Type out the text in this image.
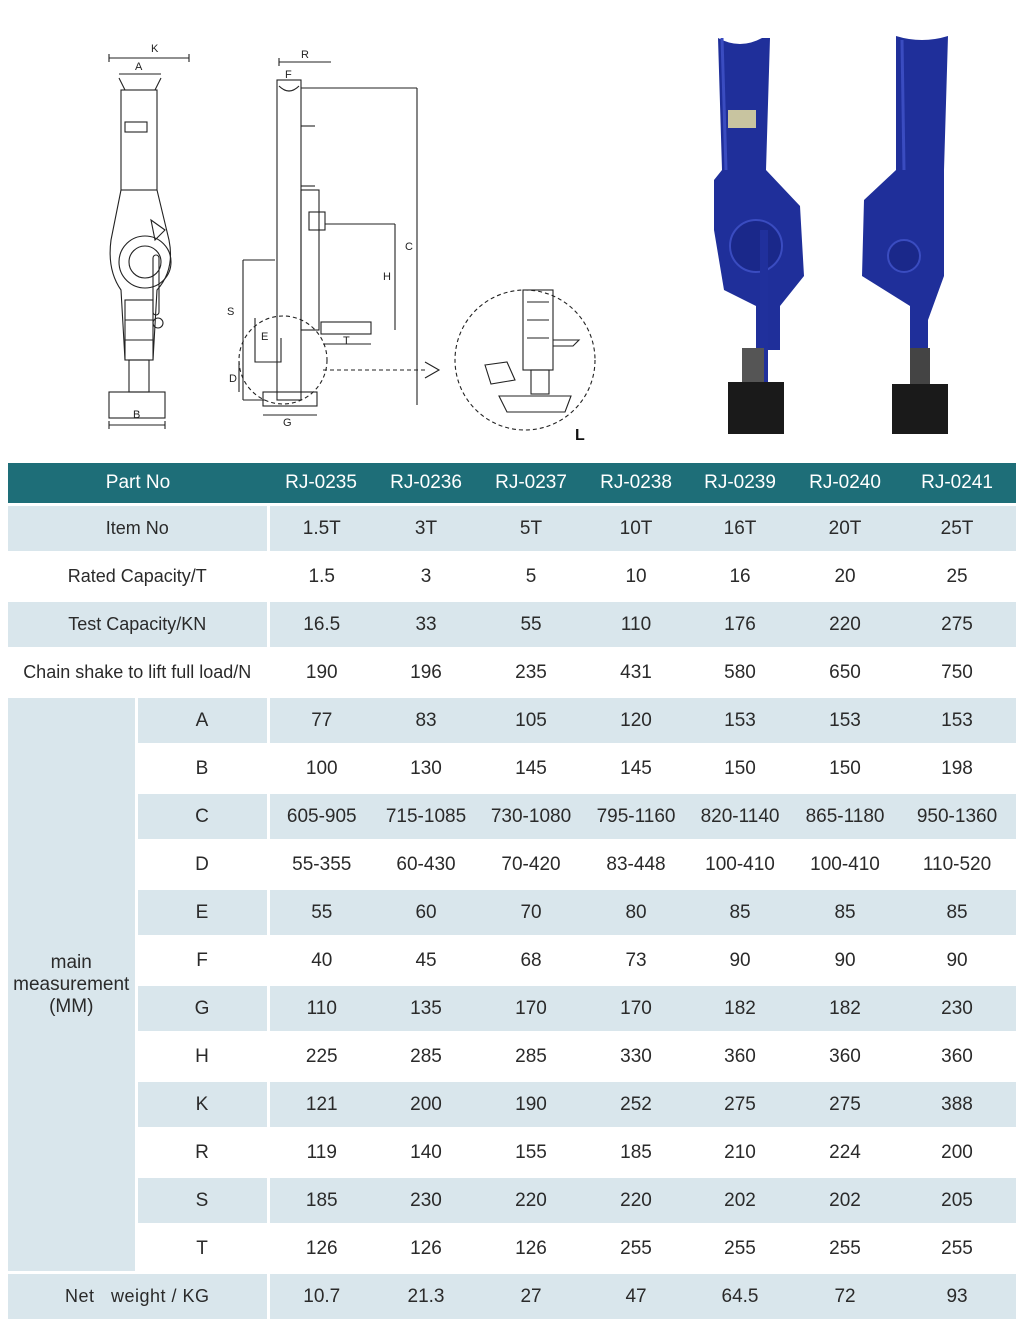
K
A
B
R
F
C
H
S
E
D
T
G
L
Part No		RJ-0235	RJ-0236	RJ-0237	RJ-0238	RJ-0239	RJ-0240	RJ-0241
Item No		1.5T	3T	5T	10T	16T	20T	25T
Rated Capacity/T		1.5	3	5	10	16	20	25
Test Capacity/KN		16.5	33	55	110	176	220	275
Chain shake to lift full load/N		190	196	235	431	580	650	750
main measurement
(MM)	A	77	83	105	120	153	153	153
	B	100	130	145	145	150	150	198
	C	605-905	715-1085	730-1080	795-1160	820-1140	865-1180	950-1360
	D	55-355	60-430	70-420	83-448	100-410	100-410	110-520
	E	55	60	70	80	85	85	85
	F	40	45	68	73	90	90	90
	G	110	135	170	170	182	182	230
	H	225	285	285	330	360	360	360
	K	121	200	190	252	275	275	388
	R	119	140	155	185	210	224	200
	S	185	230	220	220	202	202	205
	T	126	126	126	255	255	255	255
Net   weight / KG		10.7	21.3	27	47	64.5	72	93
